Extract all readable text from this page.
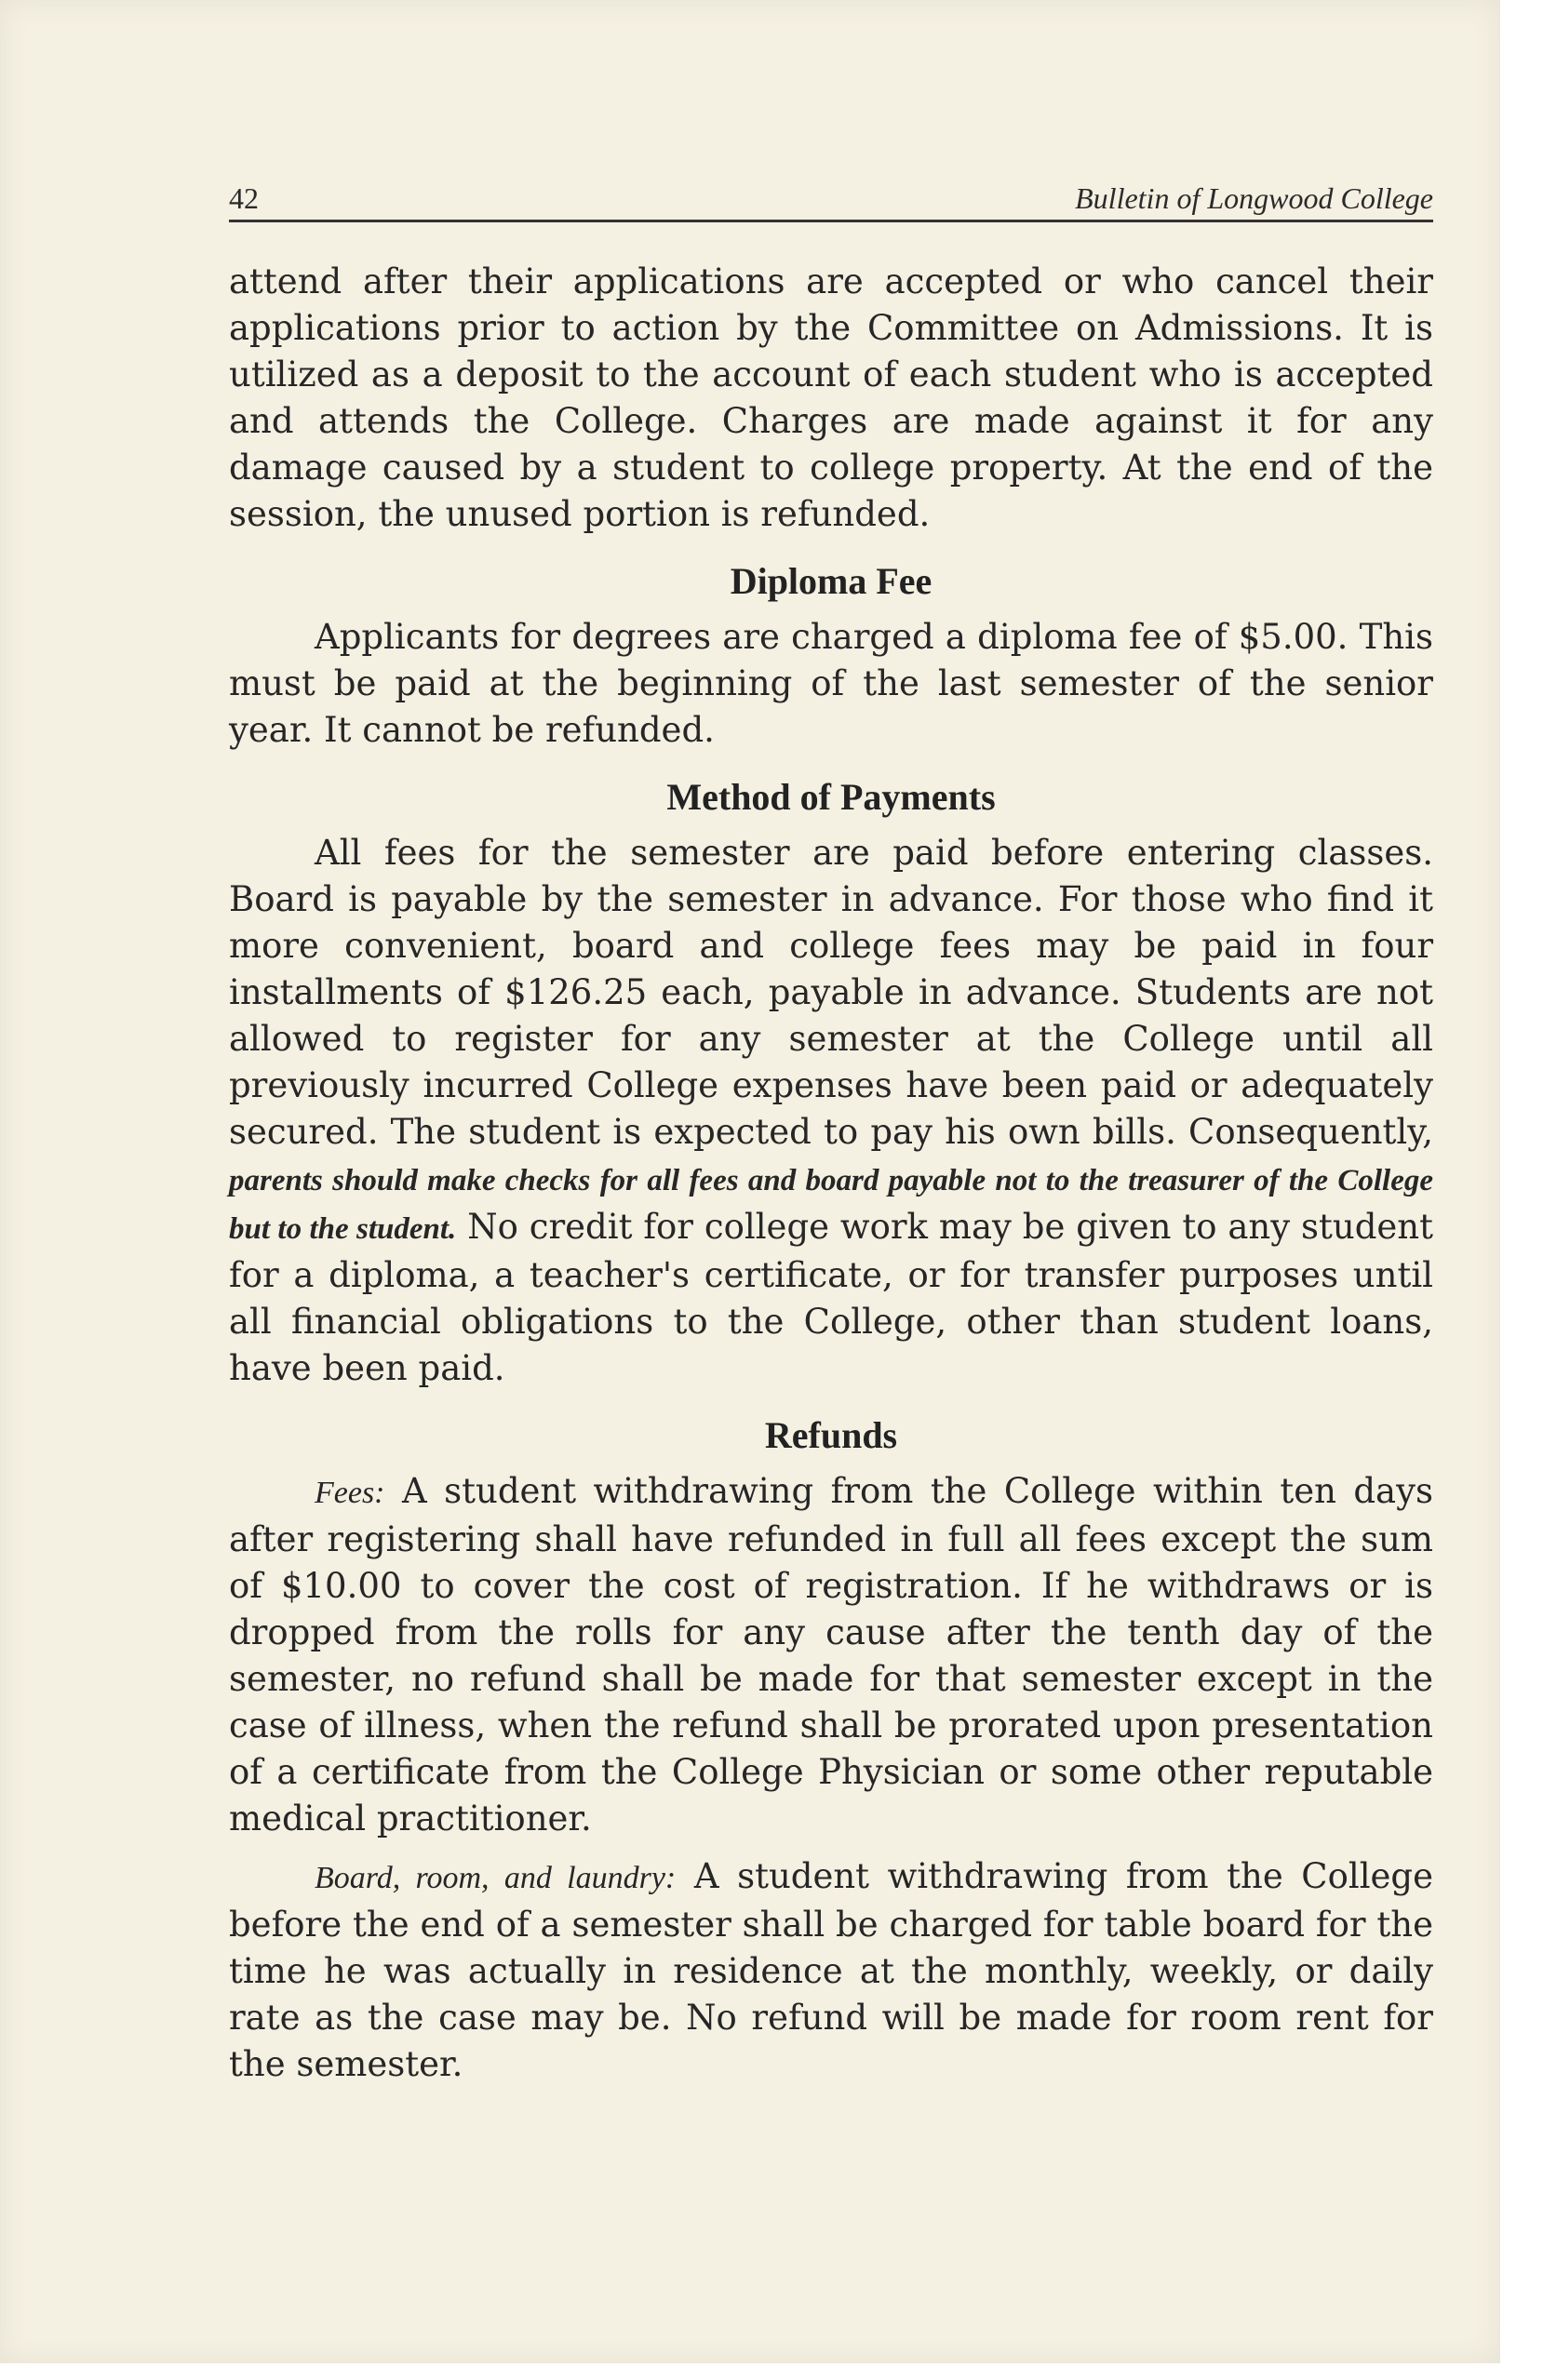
42	Bulletin of Longwood College

attend after their applications are accepted or who cancel their applications prior to action by the Committee on Admissions. It is utilized as a deposit to the account of each student who is accepted and attends the College. Charges are made against it for any damage caused by a student to college property. At the end of the session, the unused portion is refunded.

Diploma Fee

Applicants for degrees are charged a diploma fee of $5.00. This must be paid at the beginning of the last semester of the senior year. It cannot be refunded.

Method of Payments

All fees for the semester are paid before entering classes. Board is payable by the semester in advance. For those who find it more convenient, board and college fees may be paid in four installments of $126.25 each, payable in advance. Students are not allowed to register for any semester at the College until all previously incurred College expenses have been paid or adequately secured. The student is expected to pay his own bills. Consequently, parents should make checks for all fees and board payable not to the treasurer of the College but to the student. No credit for college work may be given to any student for a diploma, a teacher's certificate, or for transfer purposes until all financial obligations to the College, other than student loans, have been paid.

Refunds

Fees: A student withdrawing from the College within ten days after registering shall have refunded in full all fees except the sum of $10.00 to cover the cost of registration. If he withdraws or is dropped from the rolls for any cause after the tenth day of the semester, no refund shall be made for that semester except in the case of illness, when the refund shall be prorated upon presentation of a certificate from the College Physician or some other reputable medical practitioner.

Board, room, and laundry: A student withdrawing from the College before the end of a semester shall be charged for table board for the time he was actually in residence at the monthly, weekly, or daily rate as the case may be. No refund will be made for room rent for the semester.
